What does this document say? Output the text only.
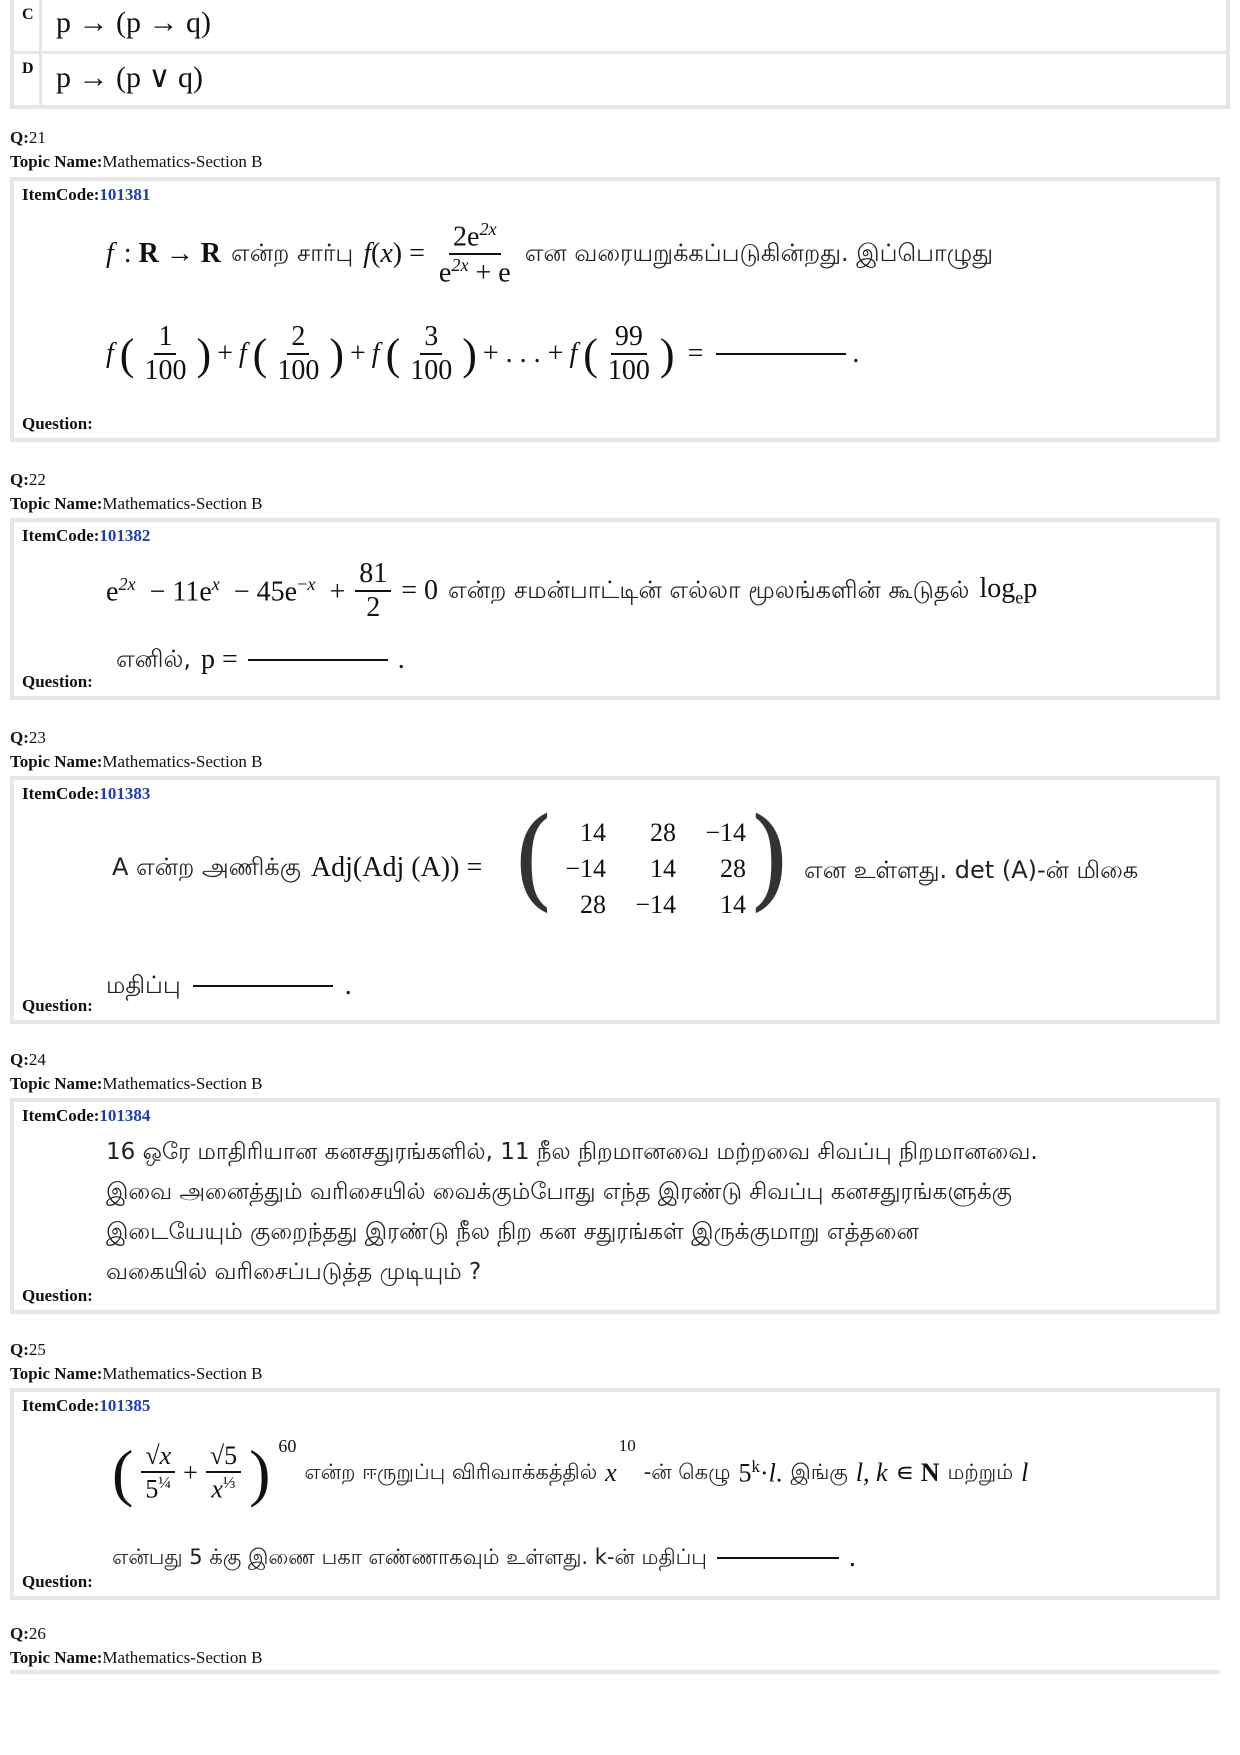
C p → (p → q)
D p → (p ∨ q)
Q:21
Topic Name:Mathematics-Section B
ItemCode:101381
f : R → R என்ற சார்பு $f(x) = \frac{2e^{2x}}{e^{2x} + e}$ என வரையறுக்கப்படுகின்றது. இப்பொழுது
f ( $\frac{1}{100}$ ) + f ( $\frac{2}{100}$ ) + f ( $\frac{3}{100}$ ) + . . . + f ( $\frac{99}{100}$ ) =	.
Question:
Q:22
Topic Name:Mathematics-Section B
ItemCode:101382
$e^{2x} - 11e^x - 45e^{-x} + \frac{81}{2} = 0$ என்ற சமன்பாட்டின் எல்லா மூலங்களின் கூடுதல் $\log_ep$
எனில், p =	.
Question:
Q:23
Topic Name:Mathematics-Section B
ItemCode:101383
A என்ற அணிக்கு Adj(Adj (A)) = ( 14	28	−14
−14	14	28
28	−14	14 ) என உள்ளது. det (A)-ன் மிகை
மதிப்பு	.
Question:
Q:24
Topic Name:Mathematics-Section B
ItemCode:101384
16 ஒரே மாதிரியான கனசதுரங்களில், 11 நீல நிறமானவை மற்றவை சிவப்பு நிறமானவை.
இவை அனைத்தும் வரிசையில் வைக்கும்போது எந்த இரண்டு சிவப்பு கனசதுரங்களுக்கு
இடையேயும் குறைந்தது இரண்டு நீல நிற கன சதுரங்கள் இருக்குமாறு எத்தனை
வகையில் வரிசைப்படுத்த முடியும் ?
Question:
Q:25
Topic Name:Mathematics-Section B
ItemCode:101385
( $\frac{√x}{5^{\frac{1}{4}}} + \frac{√5}{x^{\frac{1}{3}}}$ ) $^{60}$
என்ற ஈருறுப்பு விரிவாக்கத்தில் x
10
-ன் கெழு $5^k\cdot l$. இங்கு l, k ∊ N மற்றும் l
என்பது 5 க்கு இணை பகா எண்ணாகவும் உள்ளது. k-ன் மதிப்பு	.
Question:
Q:26
Topic Name:Mathematics-Section B
